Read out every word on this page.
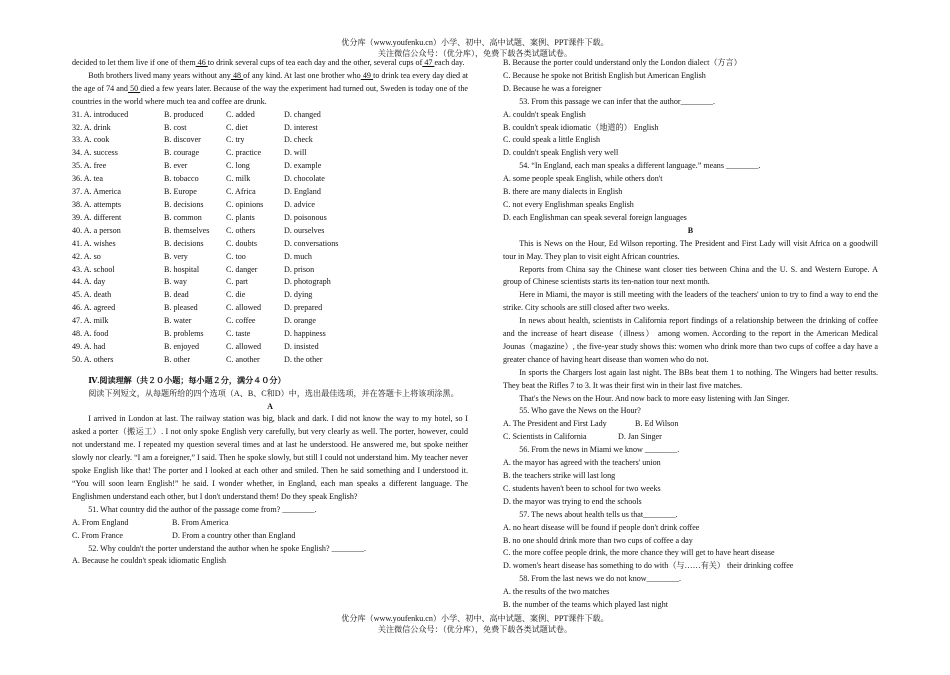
优分库（www.youfenku.cn）小学、初中、高中试题、案例、PPT课件下载。
关注微信公众号：（优分库），免费下载各类试题试卷。

decided to let them live if one of them 46 to drink several cups of tea each day and the other, several cups of 47 each day.

Both brothers lived many years without any 48 of any kind. At last one brother who 49 to drink tea every day died at the age of 74 and 50 died a few years later. Because of the way the experiment had turned out, Sweden is today one of the countries in the world where much tea and coffee are drunk.

31. A. introduced	B. produced	C. added	D. changed
32. A. drink	B. cost	C. diet	D. interest
33. A. cook	B. discover	C. try	D. check
34. A. success	B. courage	C. practice	D. will
35. A. free	B. ever	C. long	D. example
36. A. tea	B. tobacco	C. milk	D. chocolate
37. A. America	B. Europe	C. Africa	D. England
38. A. attempts	B. decisions	C. opinions	D. advice
39. A. different	B. common	C. plants	D. poisonous
40. A. a person	B. themselves	C. others	D. ourselves
41. A. wishes	B. decisions	C. doubts	D. conversations
42. A. so	B. very	C. too	D. much
43. A. school	B. hospital	C. danger	D. prison
44. A. day	B. way	C. part	D. photograph
45. A. death	B. dead	C. die	D. dying
46. A. agreed	B. pleased	C. allowed	D. prepared
47. A. milk	B. water	C. coffee	D. orange
48. A. food	B. problems	C. taste	D. happiness
49. A. had	B. enjoyed	C. allowed	D. insisted
50. A. others	B. other	C. another	D. the other

Ⅳ.阅读理解（共２０小题；每小题２分，满分４０分）

阅读下列短文，从每题所给的四个选项（A、B、C和D）中，选出最佳选项，并在答题卡上将该项涂黑。

A

I arrived in London at last. The railway station was big, black and dark. I did not know the way to my hotel, so I asked a porter（搬运工）. I not only spoke English very carefully, but very clearly as well. The porter, however, could not understand me. I repeated my question several times and at last he understood. He answered me, but spoke neither slowly nor clearly. “I am a foreigner,” I said. Then he spoke slowly, but still I could not understand him. My teacher never spoke English like that! The porter and I looked at each other and smiled. Then he said something and I understood it. “You will soon learn English!” he said. I wonder whether, in England, each man speaks a different language. The Englishmen understand each other, but I don't understand them! Do they speak English?

51. What country did the author of the passage come from? ________.

A. From England	B. From America
C. From France	D. From a country other than England

52. Why couldn't the porter understand the author when he spoke English? ________.

A. Because he couldn't speak idiomatic English

B. Because the porter could understand only the London dialect（方言）

C. Because he spoke not British English but American English

D. Because he was a foreigner

53. From this passage we can infer that the author________.

A. couldn't speak English

B. couldn't speak idiomatic（地道的） English

C. could speak a little English

D. couldn't speak English very well

54. “In England, each man speaks a different language.” means ________.

A. some people speak English, while others don't

B. there are many dialects in English

C. not every Englishman speaks English

D. each Englishman can speak several foreign languages

B

This is News on the Hour, Ed Wilson reporting. The President and First Lady will visit Africa on a goodwill tour in May. They plan to visit eight African countries.

Reports from China say the Chinese want closer ties between China and the U. S. and Western Europe. A group of Chinese scientists starts its ten-nation tour next month.

Here in Miami, the mayor is still meeting with the leaders of the teachers' union to try to find a way to end the strike. City schools are still closed after two weeks.

In news about health, scientists in California report findings of a relationship between the drinking of coffee and the increase of heart disease（illness） among women. According to the report in the American Medical Jounas（magazine）, the five-year study shows this: women who drink more than two cups of coffee a day have a greater chance of having heart disease than women who do not.

In sports the Chargers lost again last night. The BBs beat them 1 to nothing. The Wingers had better results. They beat the Rifles 7 to 3. It was their first win in their last five matches.

That's the News on the Hour. And now back to more easy listening with Jan Singer.

55. Who gave the News on the Hour?

A. The President and First Lady	B. Ed Wilson
C. Scientists in California	D. Jan Singer

56. From the news in Miami we know ________.

A. the mayor has agreed with the teachers' union

B. the teachers strike will last long

C. students haven't been to school for two weeks

D. the mayor was trying to end the schools

57. The news about health tells us that________.

A. no heart disease will be found if people don't drink coffee

B. no one should drink more than two cups of coffee a day

C. the more coffee people drink, the more chance they will get to have heart disease

D. women's heart disease has something to do with（与……有关） their drinking coffee

58. From the last news we do not know________.

A. the results of the two matches

B. the number of the teams which played last night

优分库（www.youfenku.cn）小学、初中、高中试题、案例、PPT课件下载。
关注微信公众号：（优分库），免费下载各类试题试卷。
